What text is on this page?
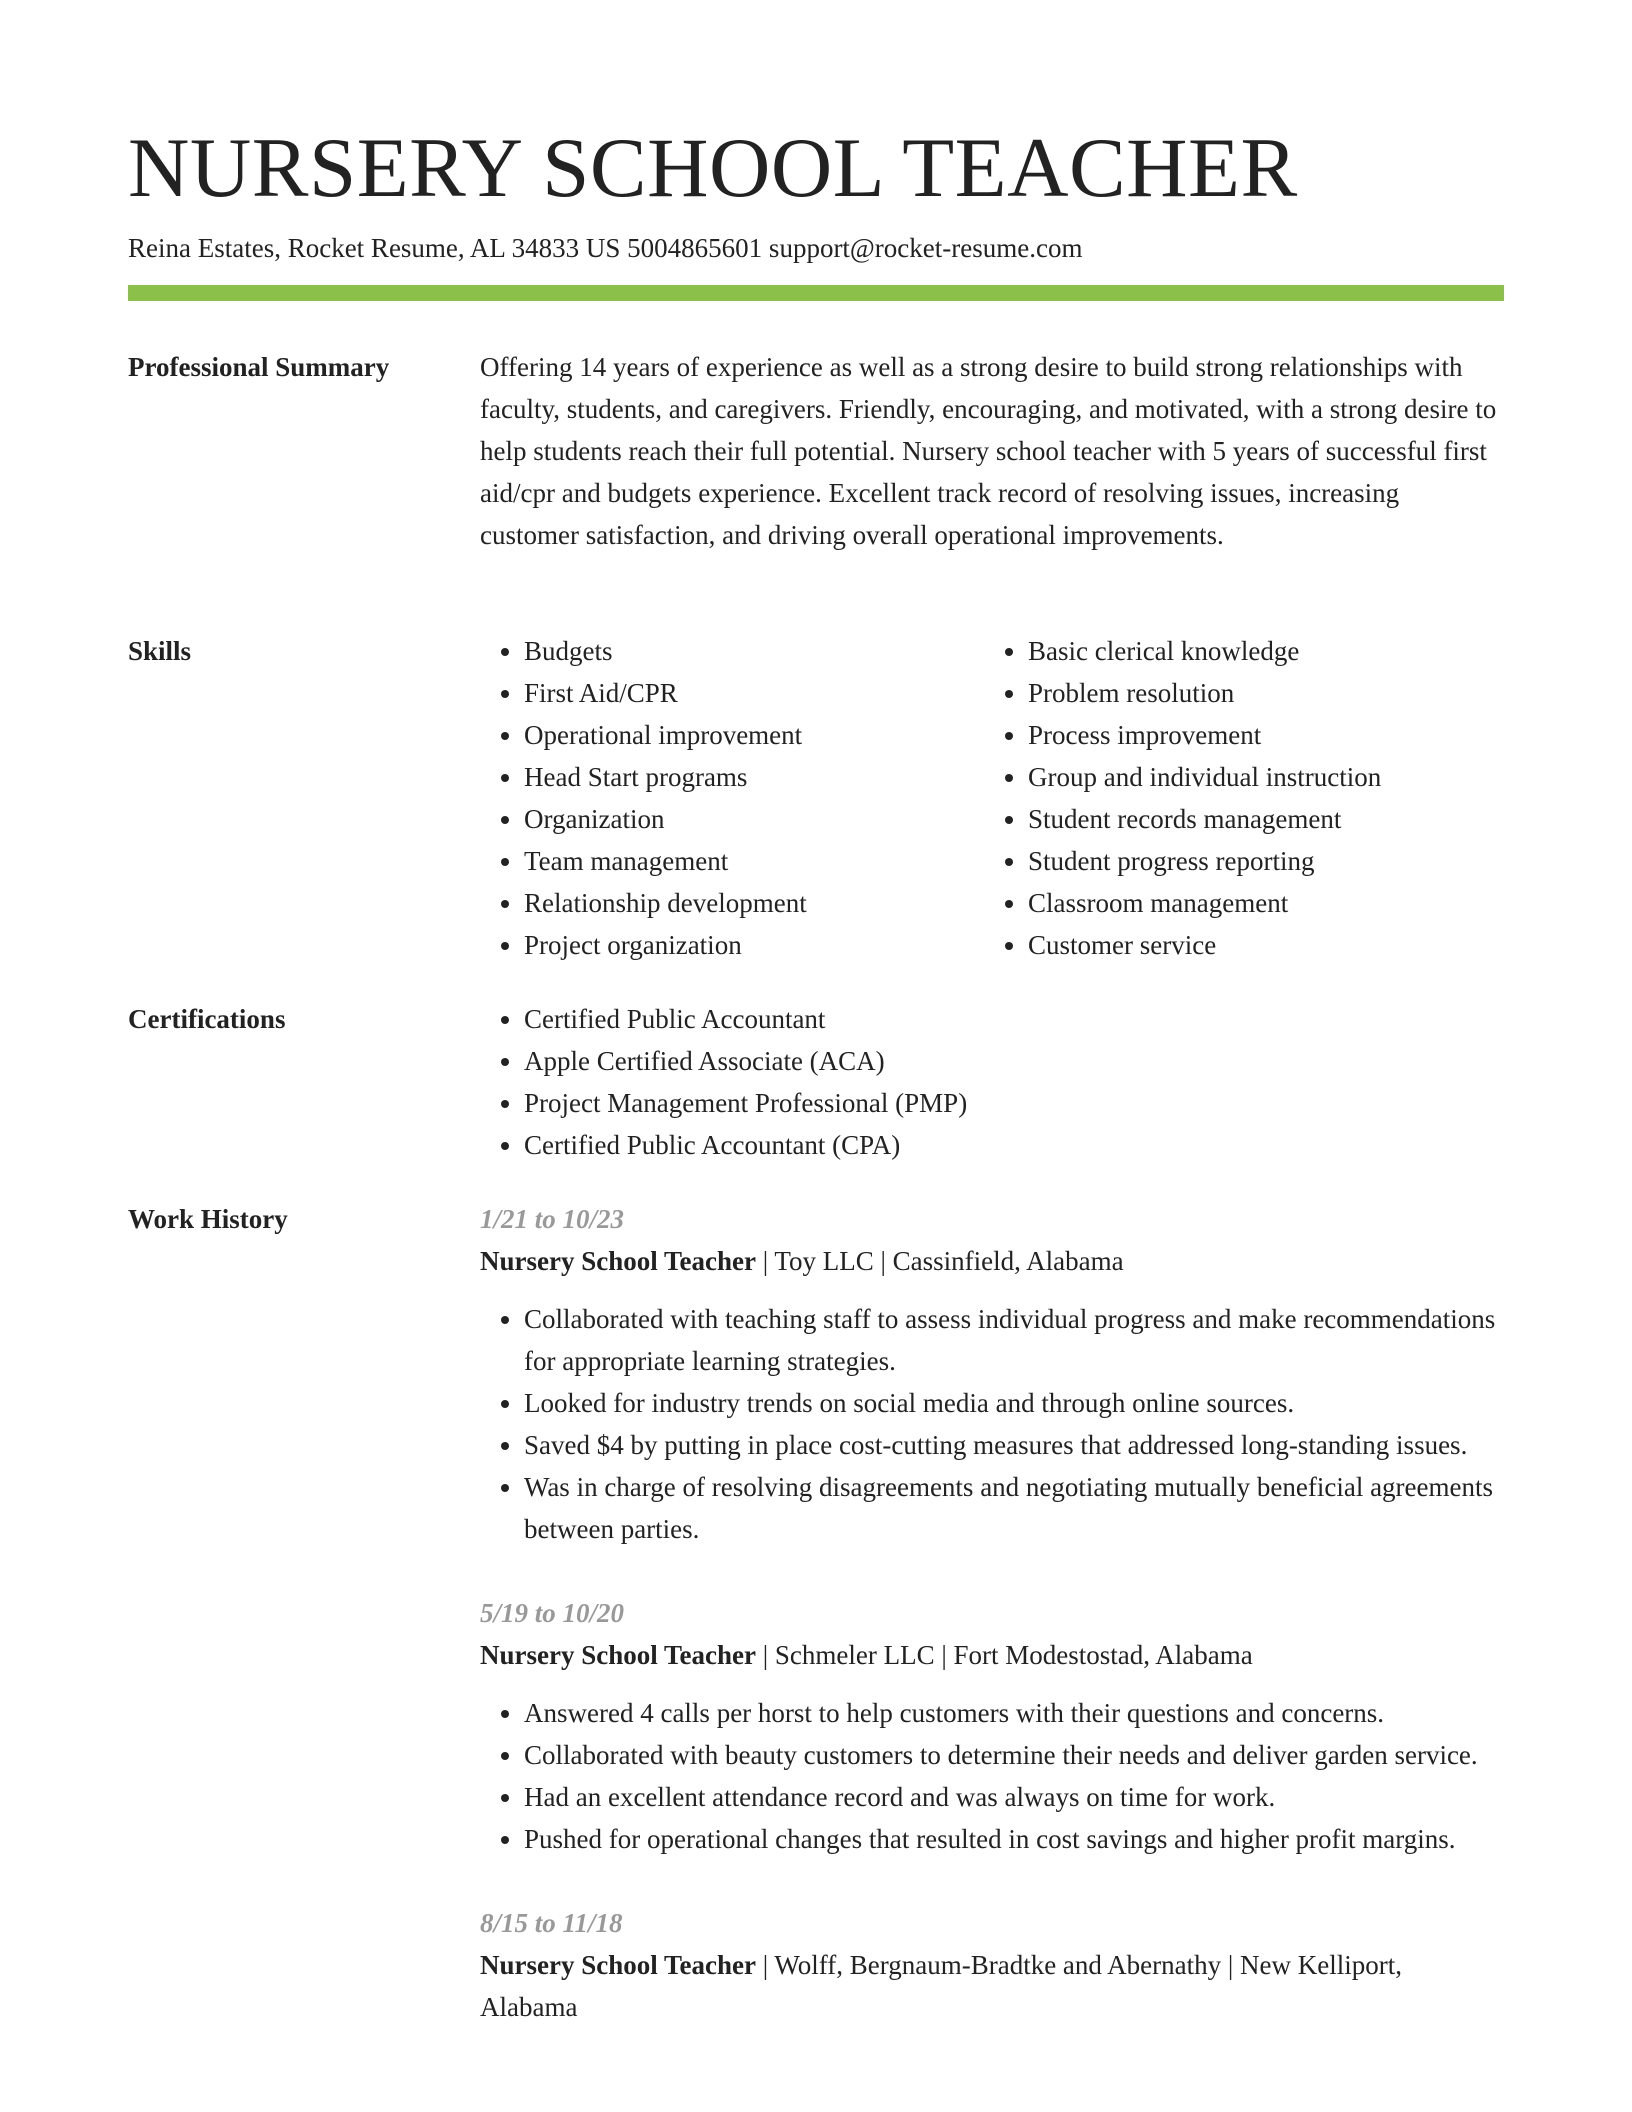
NURSERY SCHOOL TEACHER
Reina Estates, Rocket Resume, AL 34833 US 5004865601 support@rocket-resume.com
Professional Summary	Offering 14 years of experience as well as a strong desire to build strong relationships with faculty, students, and caregivers. Friendly, encouraging, and motivated, with a strong desire to help students reach their full potential. Nursery school teacher with 5 years of successful first aid/cpr and budgets experience. Excellent track record of resolving issues, increasing customer satisfaction, and driving overall operational improvements.

Skills	• Budgets
• First Aid/CPR
• Operational improvement
• Head Start programs
• Organization
• Team management
• Relationship development
• Project organization
• Basic clerical knowledge
• Problem resolution
• Process improvement
• Group and individual instruction
• Student records management
• Student progress reporting
• Classroom management
• Customer service
Certifications	• Certified Public Accountant
• Apple Certified Associate (ACA)
• Project Management Professional (PMP)
• Certified Public Accountant (CPA)
Work History	1/21 to 10/23
Nursery School Teacher | Toy LLC | Cassinfield, Alabama
• Collaborated with teaching staff to assess individual progress and make recommendations for appropriate learning strategies.
• Looked for industry trends on social media and through online sources.
• Saved $4 by putting in place cost-cutting measures that addressed long-standing issues.
• Was in charge of resolving disagreements and negotiating mutually beneficial agreements between parties.
5/19 to 10/20
Nursery School Teacher | Schmeler LLC | Fort Modestostad, Alabama
• Answered 4 calls per horst to help customers with their questions and concerns.
• Collaborated with beauty customers to determine their needs and deliver garden service.
• Had an excellent attendance record and was always on time for work.
• Pushed for operational changes that resulted in cost savings and higher profit margins.
8/15 to 11/18
Nursery School Teacher | Wolff, Bergnaum-Bradtke and Abernathy | New Kelliport, Alabama
